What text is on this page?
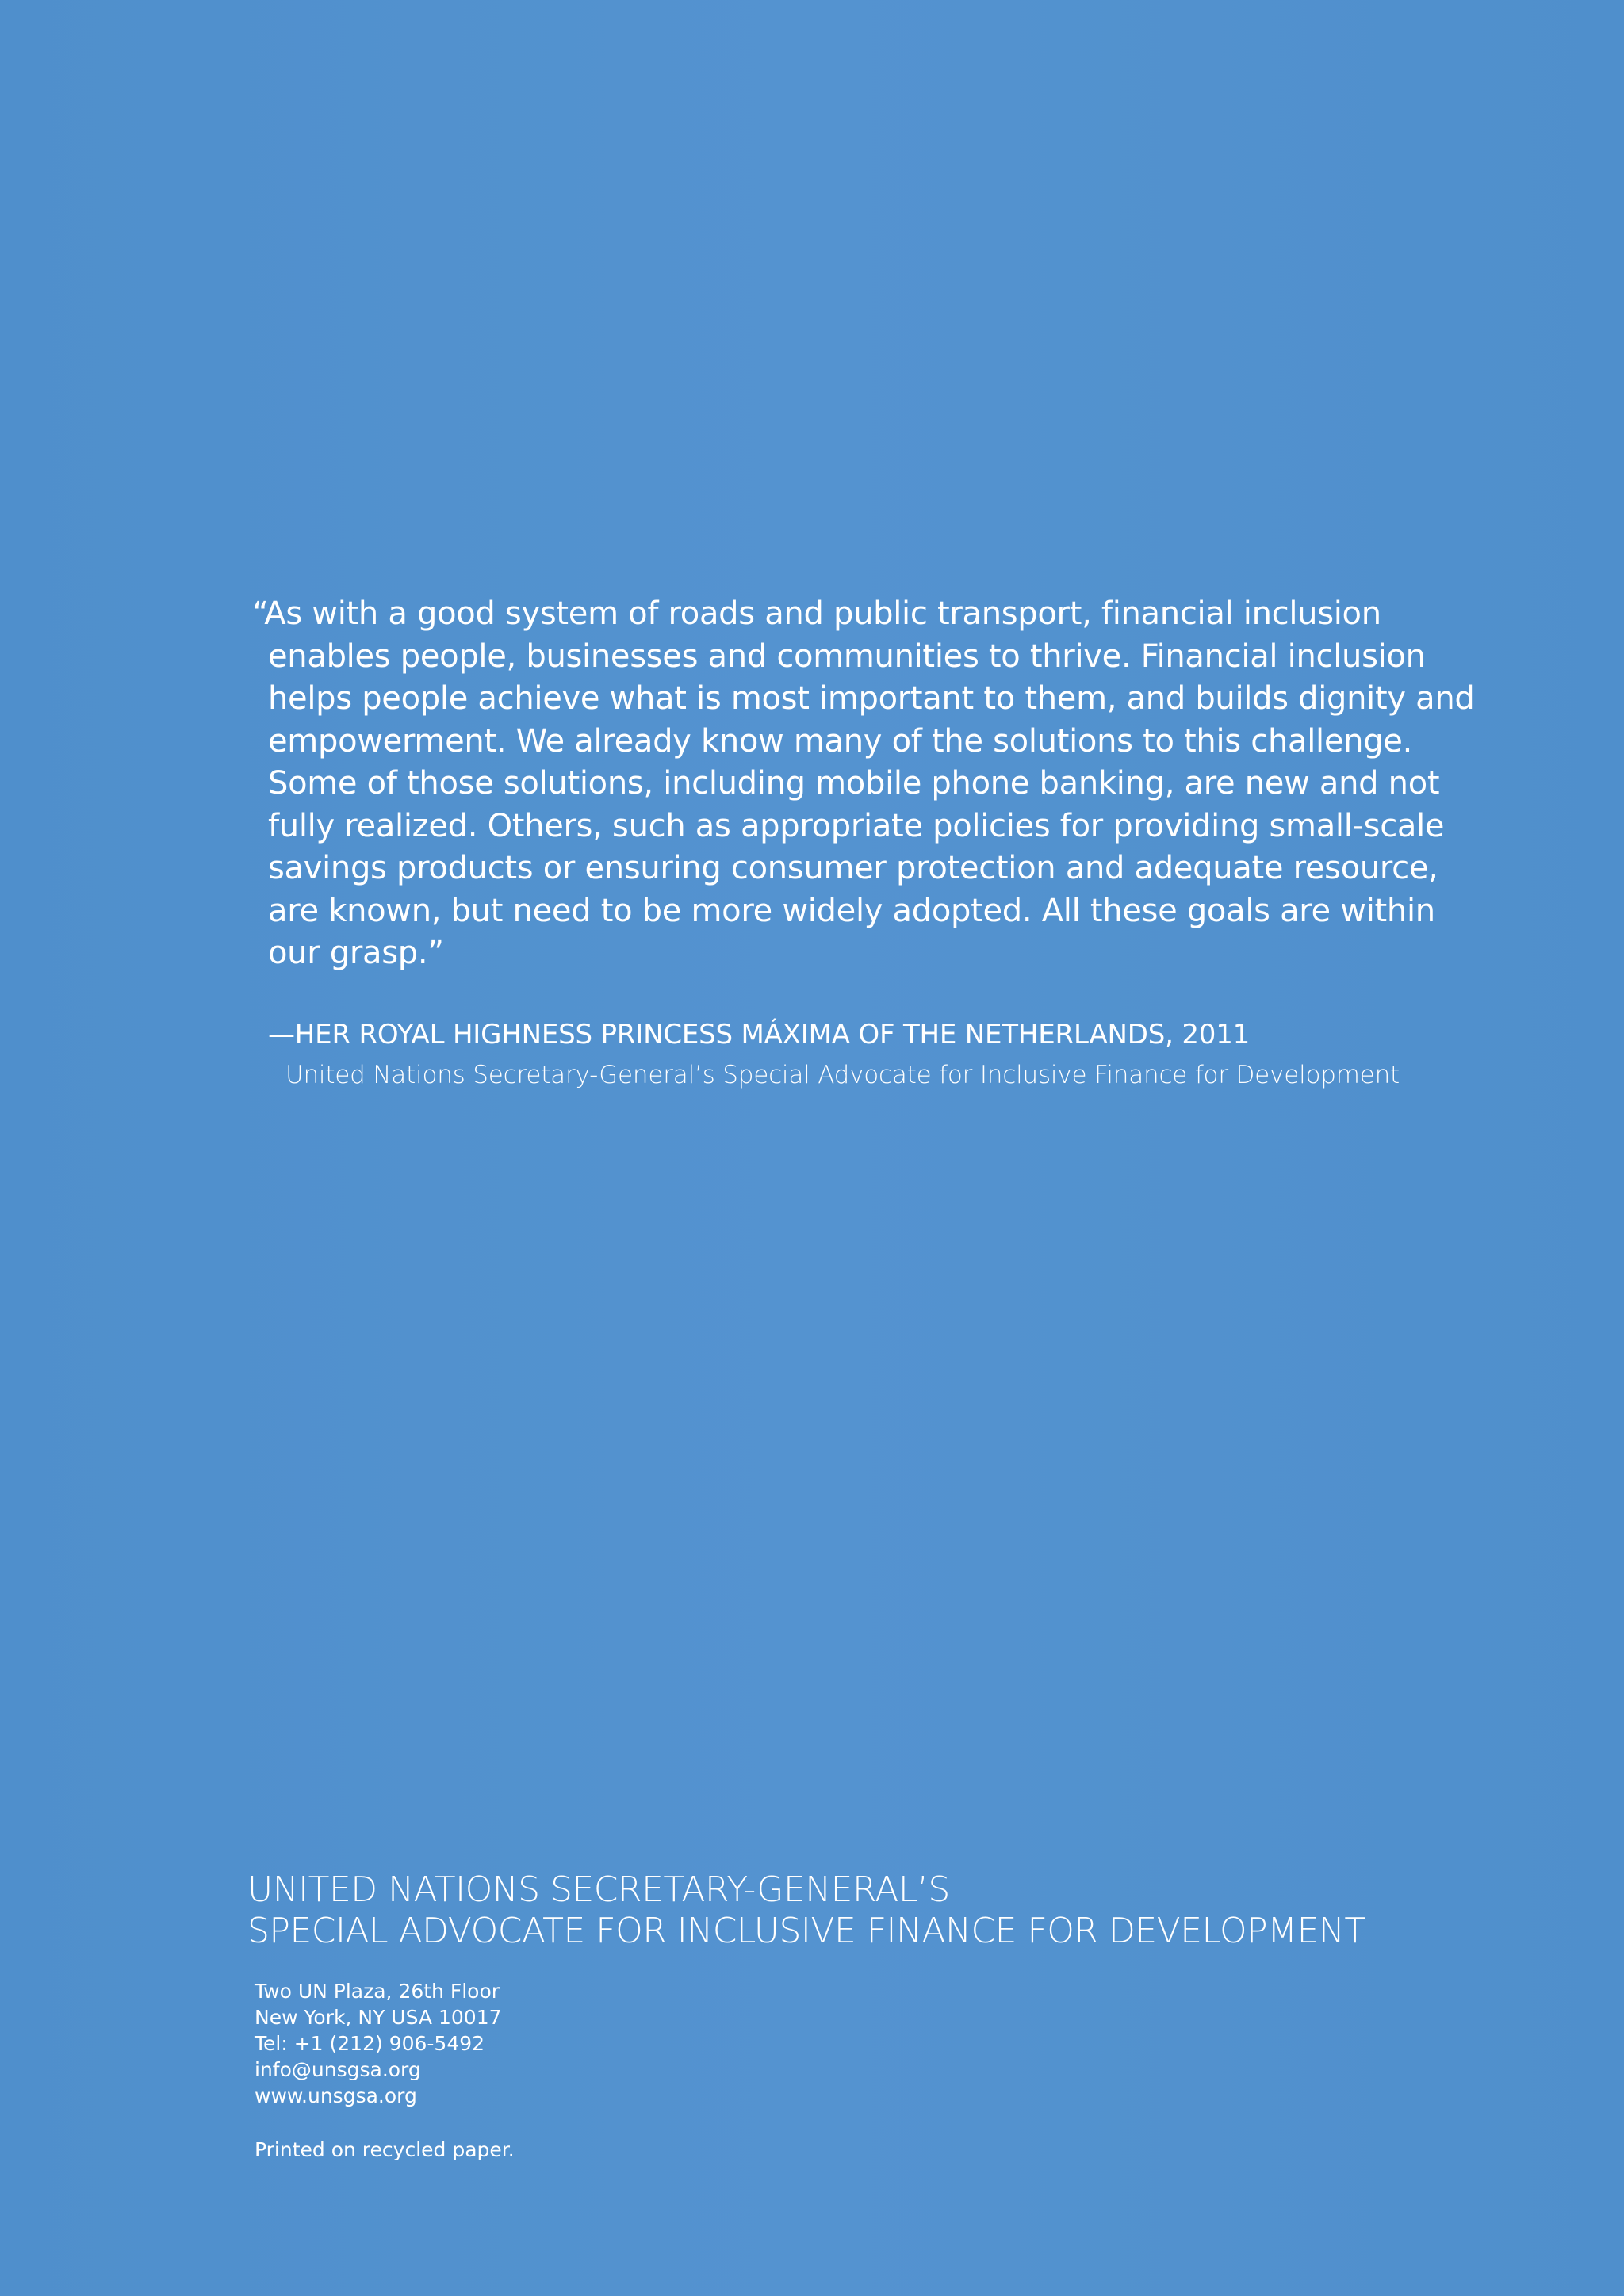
“As with a good system of roads and public transport, financial inclusion
enables people, businesses and communities to thrive. Financial inclusion
helps people achieve what is most important to them, and builds dignity and
empowerment. We already know many of the solutions to this challenge.
Some of those solutions, including mobile phone banking, are new and not
fully realized. Others, such as appropriate policies for providing small-scale
savings products or ensuring consumer protection and adequate resource,
are known, but need to be more widely adopted. All these goals are within
our grasp.”
—HER ROYAL HIGHNESS PRINCESS MÁXIMA OF THE NETHERLANDS, 2011
United Nations Secretary-General’s Special Advocate for Inclusive Finance for Development
UNITED NATIONS SECRETARY-GENERAL’S
SPECIAL ADVOCATE FOR INCLUSIVE FINANCE FOR DEVELOPMENT
Two UN Plaza, 26th Floor
New York, NY USA 10017
Tel: +1 (212) 906-5492
info@unsgsa.org
www.unsgsa.org
Printed on recycled paper.
